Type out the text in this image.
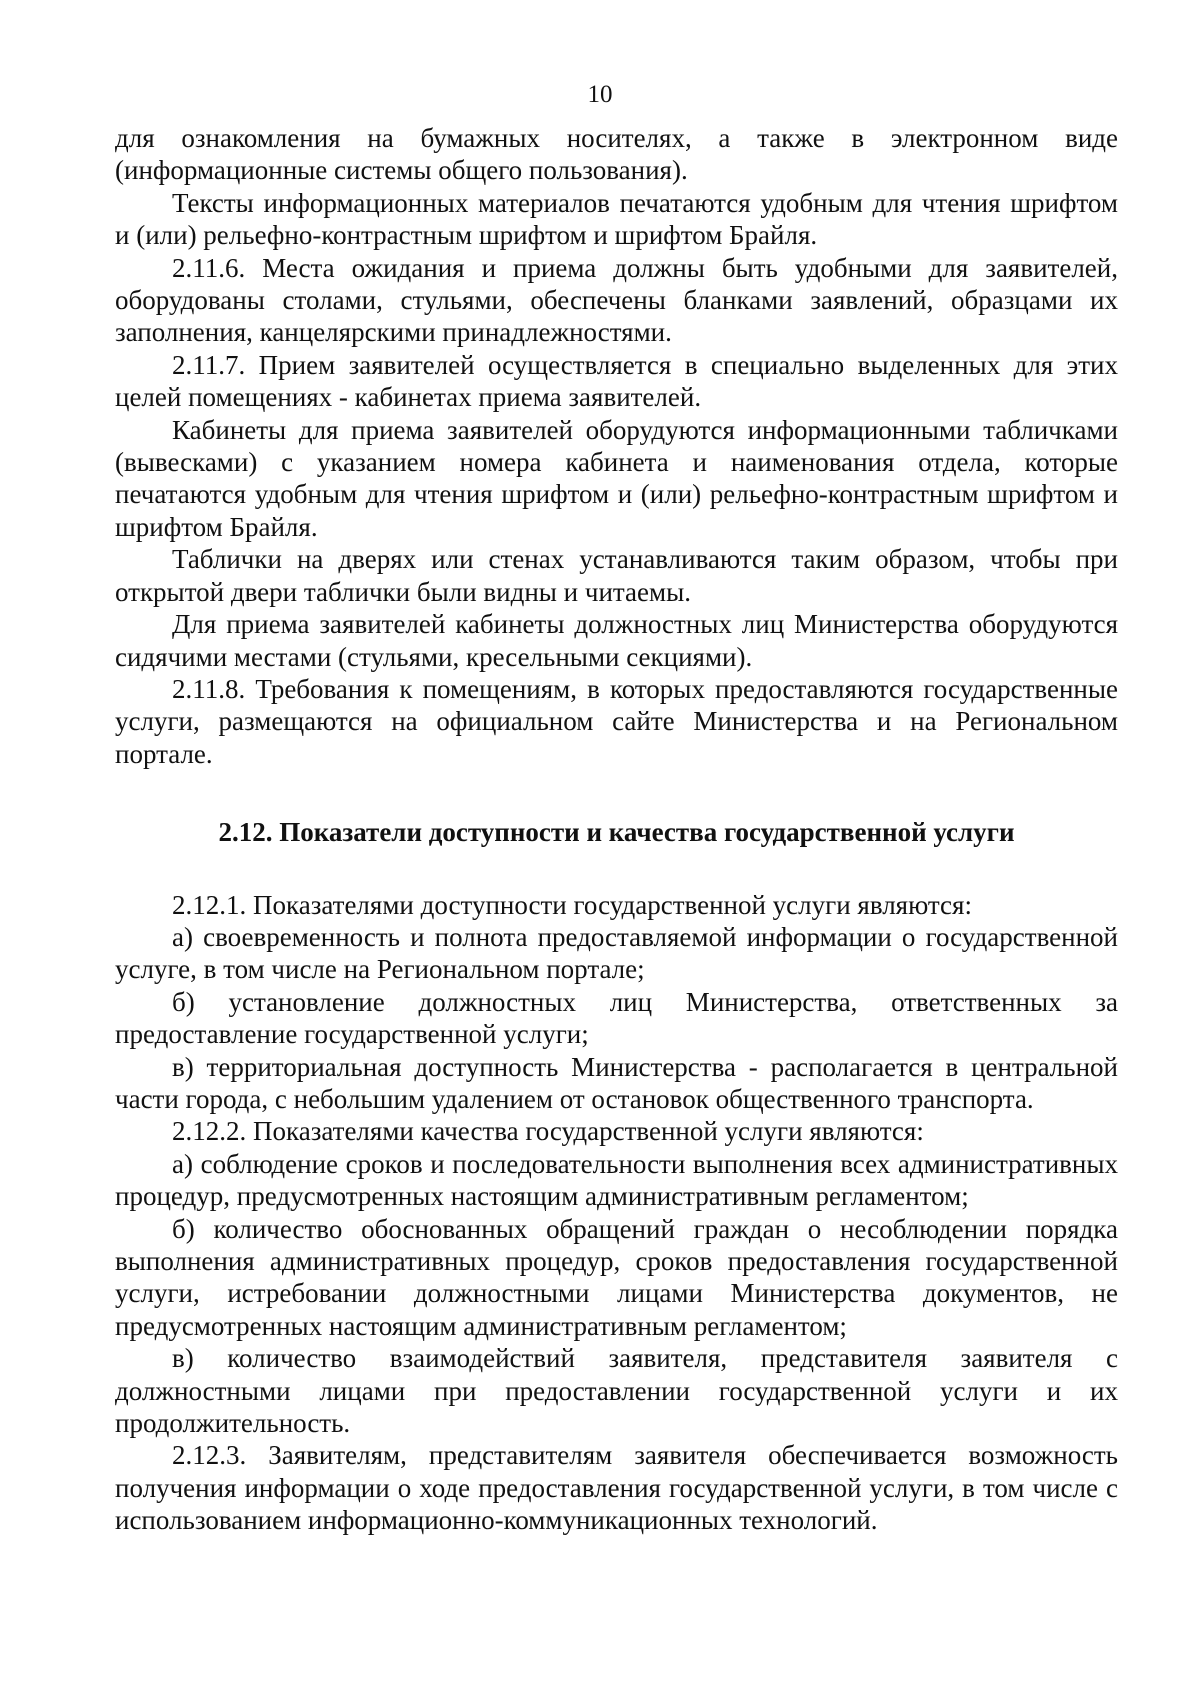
10

для ознакомления на бумажных носителях, а также в электронном виде (информационные системы общего пользования).

Тексты информационных материалов печатаются удобным для чтения шрифтом и (или) рельефно-контрастным шрифтом и шрифтом Брайля.

2.11.6. Места ожидания и приема должны быть удобными для заявителей, оборудованы столами, стульями, обеспечены бланками заявлений, образцами их заполнения, канцелярскими принадлежностями.

2.11.7. Прием заявителей осуществляется в специально выделенных для этих целей помещениях - кабинетах приема заявителей.

Кабинеты для приема заявителей оборудуются информационными табличками (вывесками) с указанием номера кабинета и наименования отдела, которые печатаются удобным для чтения шрифтом и (или) рельефно-контрастным шрифтом и шрифтом Брайля.

Таблички на дверях или стенах устанавливаются таким образом, чтобы при открытой двери таблички были видны и читаемы.

Для приема заявителей кабинеты должностных лиц Министерства оборудуются сидячими местами (стульями, кресельными секциями).

2.11.8. Требования к помещениям, в которых предоставляются государственные услуги, размещаются на официальном сайте Министерства и на Региональном портале.

2.12. Показатели доступности и качества государственной услуги

2.12.1. Показателями доступности государственной услуги являются:

а) своевременность и полнота предоставляемой информации о государственной услуге, в том числе на Региональном портале;

б) установление должностных лиц Министерства, ответственных за предоставление государственной услуги;

в) территориальная доступность Министерства - располагается в центральной части города, с небольшим удалением от остановок общественного транспорта.

2.12.2. Показателями качества государственной услуги являются:

а) соблюдение сроков и последовательности выполнения всех административных процедур, предусмотренных настоящим административным регламентом;

б) количество обоснованных обращений граждан о несоблюдении порядка выполнения административных процедур, сроков предоставления государственной услуги, истребовании должностными лицами Министерства документов, не предусмотренных настоящим административным регламентом;

в) количество взаимодействий заявителя, представителя заявителя с должностными лицами при предоставлении государственной услуги и их продолжительность.

2.12.3. Заявителям, представителям заявителя обеспечивается возможность получения информации о ходе предоставления государственной услуги, в том числе с использованием информационно-коммуникационных технологий.
